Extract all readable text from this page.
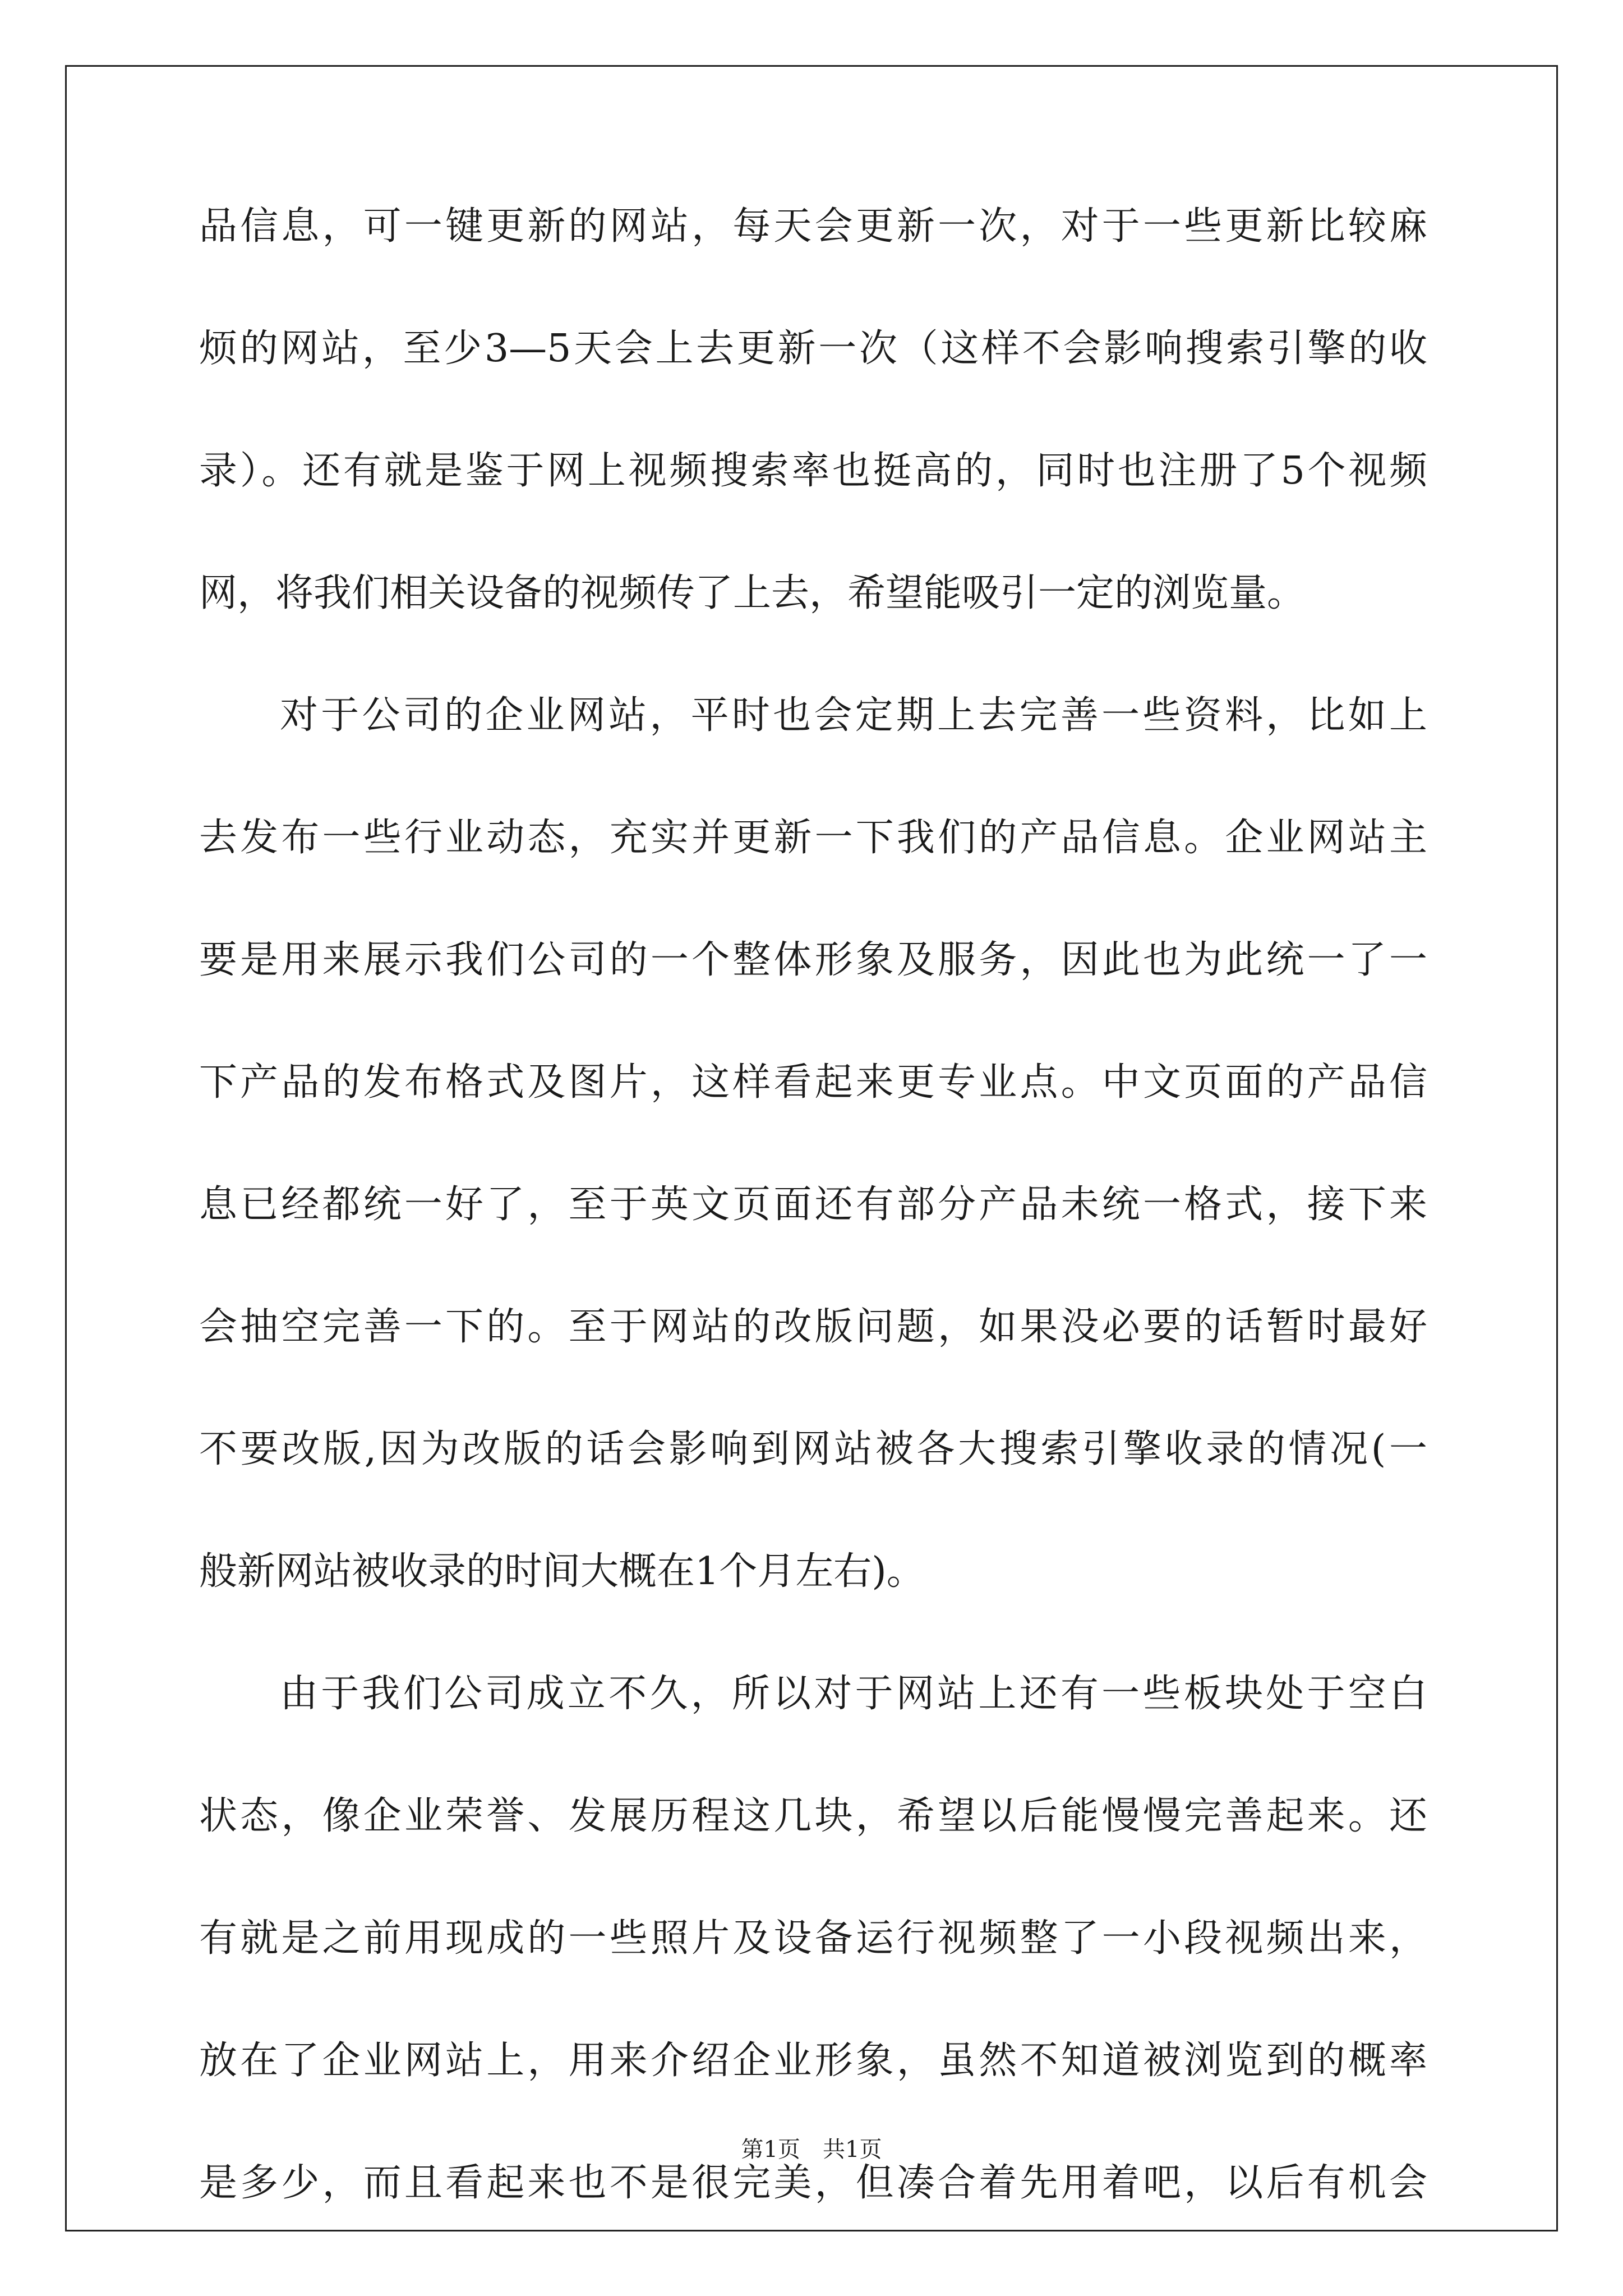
品信息，可一键更新的网站，每天会更新一次，对于一些更新比较麻
烦的网站，至少3—5天会上去更新一次（这样不会影响搜索引擎的收
录）。还有就是鉴于网上视频搜索率也挺高的，同时也注册了5个视频
网，将我们相关设备的视频传了上去，希望能吸引一定的浏览量。
对于公司的企业网站，平时也会定期上去完善一些资料，比如上
去发布一些行业动态，充实并更新一下我们的产品信息。企业网站主
要是用来展示我们公司的一个整体形象及服务，因此也为此统一了一
下产品的发布格式及图片，这样看起来更专业点。中文页面的产品信
息已经都统一好了，至于英文页面还有部分产品未统一格式，接下来
会抽空完善一下的。至于网站的改版问题，如果没必要的话暂时最好
不要改版,因为改版的话会影响到网站被各大搜索引擎收录的情况(一
般新网站被收录的时间大概在1个月左右)。
由于我们公司成立不久，所以对于网站上还有一些板块处于空白
状态，像企业荣誉、发展历程这几块，希望以后能慢慢完善起来。还
有就是之前用现成的一些照片及设备运行视频整了一小段视频出来，
放在了企业网站上，用来介绍企业形象，虽然不知道被浏览到的概率
是多少，而且看起来也不是很完美，但凑合着先用着吧，以后有机会
第1页　共1页
